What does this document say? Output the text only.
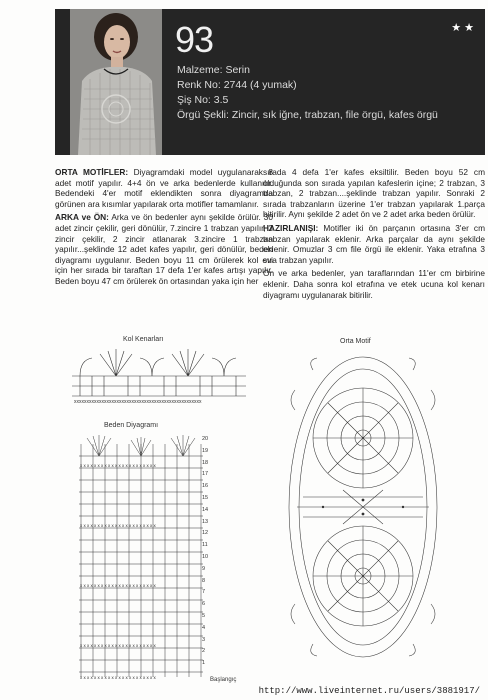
93	★★
Malzeme: Serin
Renk No: 2744 (4 yumak)
Şiş No: 3.5
Örgü Şekli: Zincir, sık iğne, trabzan, file örgü, kafes örgü

ORTA MOTİFLER: Diyagramdaki model uygulanarak 8 adet motif yapılır. 4+4 ön ve arka bedenlerde kullanılır. Bedendeki 4'er motif eklendikten sonra diyagramda görünen ara kısımlar yapılarak orta motifler tamamlanır.

ARKA ve ÖN: Arka ve ön bedenler aynı şekilde örülür. 30 adet zincir çekilir, geri dönülür, 7.zincire 1 trabzan yapılır, 2 zincir çekilir, 2 zincir atlanarak 3.zincire 1 trabzan yapılır...şeklinde 12 adet kafes yapılır, geri dönülür, beden diyagramı uygulanır. Beden boyu 11 cm örülerek kol evi için her sırada bir taraftan 17 defa 1'er kafes artışı yapılır. Beden boyu 47 cm örülerek ön ortasından yaka için her

sırada 4 defa 1'er kafes eksiltilir. Beden boyu 52 cm olduğunda son sırada yapılan kafeslerin içine; 2 trabzan, 3 trabzan, 2 trabzan....şeklinde trabzan yapılır. Sonraki 2 sırada trabzanların üzerine 1'er trabzan yapılarak 1.parça bitirilir. Aynı şekilde 2 adet ön ve 2 adet arka beden örülür.

HAZIRLANIŞI: Motifler iki ön parçanın ortasına 3'er cm trabzan yapılarak eklenir. Arka parçalar da aynı şekilde eklenir. Omuzlar 3 cm file örgü ile eklenir. Yaka etrafına 3 sıra trabzan yapılır.

Ön ve arka bedenler, yan taraflarından 11'er cm birbirine eklenir. Daha sonra kol etrafına ve etek ucuna kol kenarı diyagramı uygulanarak bitirilir.

Kol Kenarları
xxxxxxxxxxxxxxxxxxxxxxxxxxxxxxxxxxxxxxxxxxxxxxxxxxx
Beden Diyagramı
x x x x x x x x x x x x x x x x x x x x x x
x x x x x x x x x x x x x x x x x x x x x x
x x x x x x x x x x x x x x x x x x x x x x
x x x x x x x x x x x x x x x x x x x x x x
x x x x x x x x x x x x x x x x x x x x x x
20
19
18
17
16
15
14
13
12
11
10
9
8
7
6
5
4
3
2
1
Başlangıç
Orta Motif
http://www.liveinternet.ru/users/3881917/
